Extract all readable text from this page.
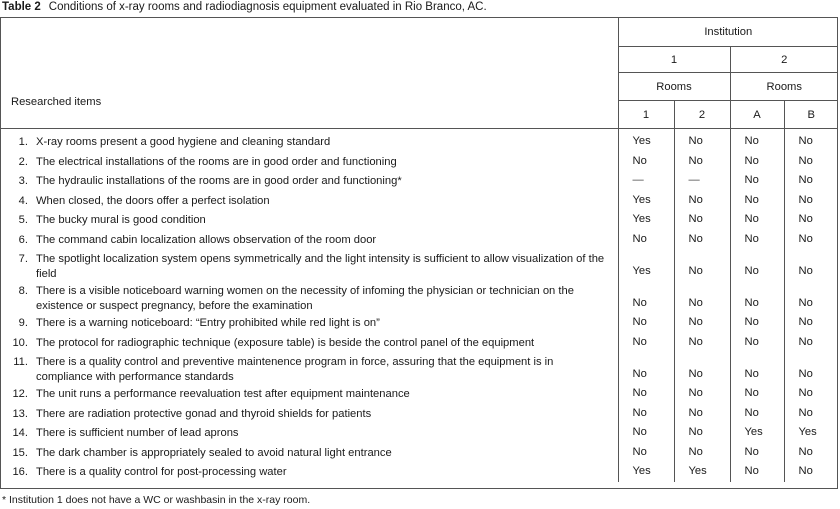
Table 2 Conditions of x-ray rooms and radiodiagnosis equipment evaluated in Rio Branco, AC.
Researched items	Institution			
	1		2	
	Rooms		Rooms	
	1	2	A	B

1. X-ray rooms present a good hygiene and cleaning standard	Yes	No	No	No

2. The electrical installations of the rooms are in good order and functioning	No	No	No	No

3. The hydraulic installations of the rooms are in good order and functioning*	—	—	No	No

4. When closed, the doors offer a perfect isolation	Yes	No	No	No

5. The bucky mural is good condition	Yes	No	No	No

6. The command cabin localization allows observation of the room door	No	No	No	No

7. The spotlight localization system opens symmetrically and the light intensity is sufficient to allow visualization of the field	Yes	No	No	No

8. There is a visible noticeboard warning women on the necessity of infoming the physician or technician on the existence or suspect pregnancy, before the examination	No	No	No	No

9. There is a warning noticeboard: “Entry prohibited while red light is on”	No	No	No	No

10. The protocol for radiographic technique (exposure table) is beside the control panel of the equipment	No	No	No	No

11. There is a quality control and preventive maintenence program in force, assuring that the equipment is in compliance with performance standards	No	No	No	No

12. The unit runs a performance reevaluation test after equipment maintenance	No	No	No	No

13. There are radiation protective gonad and thyroid shields for patients	No	No	No	No

14. There is sufficient number of lead aprons	No	No	Yes	Yes

15. The dark chamber is appropriately sealed to avoid natural light entrance	No	No	No	No

16. There is a quality control for post-processing water	Yes	Yes	No	No
* Institution 1 does not have a WC or washbasin in the x-ray room.
